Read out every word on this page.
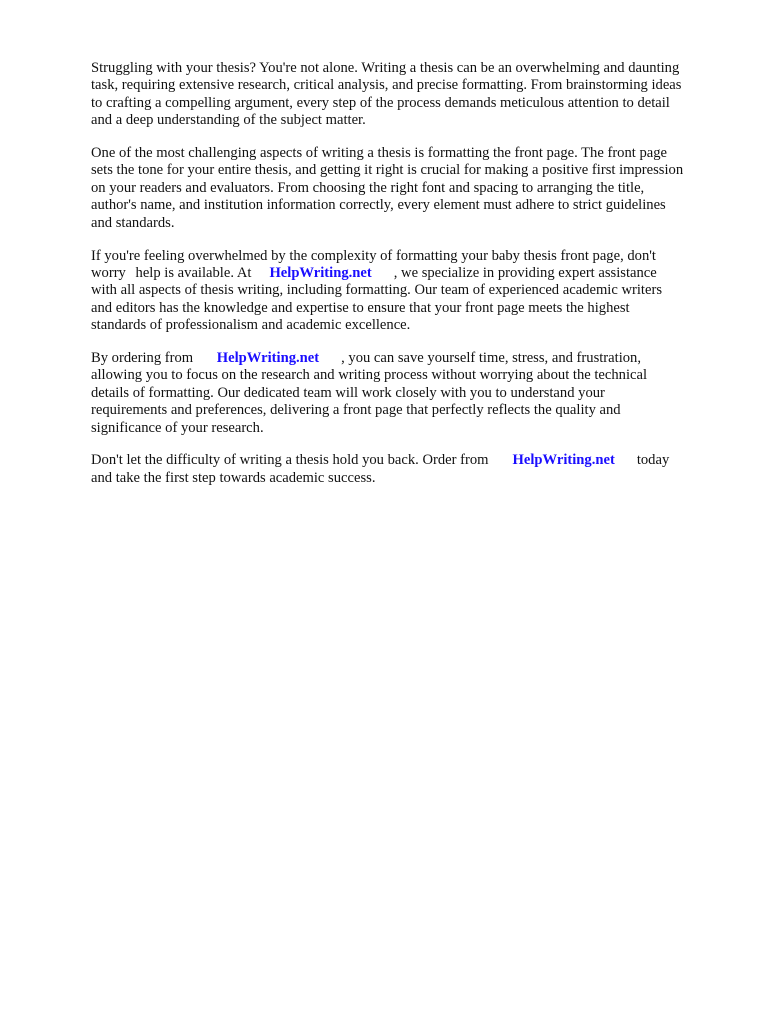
Struggling with your thesis? You're not alone. Writing a thesis can be an overwhelming and daunting
task, requiring extensive research, critical analysis, and precise formatting. From brainstorming ideas
to crafting a compelling argument, every step of the process demands meticulous attention to detail
and a deep understanding of the subject matter.

One of the most challenging aspects of writing a thesis is formatting the front page. The front page
sets the tone for your entire thesis, and getting it right is crucial for making a positive first impression
on your readers and evaluators. From choosing the right font and spacing to arranging the title,
author's name, and institution information correctly, every element must adhere to strict guidelines
and standards.

If you're feeling overwhelmed by the complexity of formatting your baby thesis front page, don't
worry help is available. At HelpWriting.net , we specialize in providing expert assistance
with all aspects of thesis writing, including formatting. Our team of experienced academic writers
and editors has the knowledge and expertise to ensure that your front page meets the highest
standards of professionalism and academic excellence.

By ordering from HelpWriting.net , you can save yourself time, stress, and frustration,
allowing you to focus on the research and writing process without worrying about the technical
details of formatting. Our dedicated team will work closely with you to understand your
requirements and preferences, delivering a front page that perfectly reflects the quality and
significance of your research.

Don't let the difficulty of writing a thesis hold you back. Order from HelpWriting.net today
and take the first step towards academic success.
